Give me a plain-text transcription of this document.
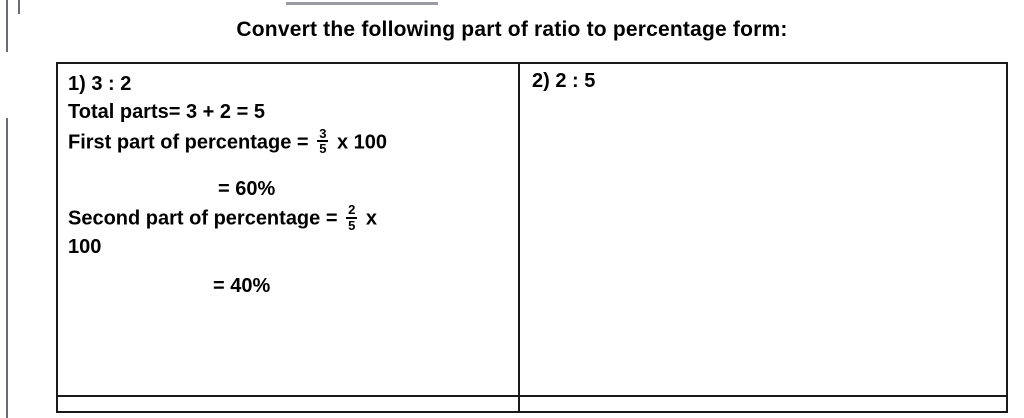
Convert the following part of ratio to percentage form:
1) 3 : 2
Total parts= 3 + 2 = 5
First part of percentage = $\frac{3}{5}$ x 100
= 60%
Second part of percentage = $\frac{2}{5}$ x
100
= 40%
2) 2 : 5
